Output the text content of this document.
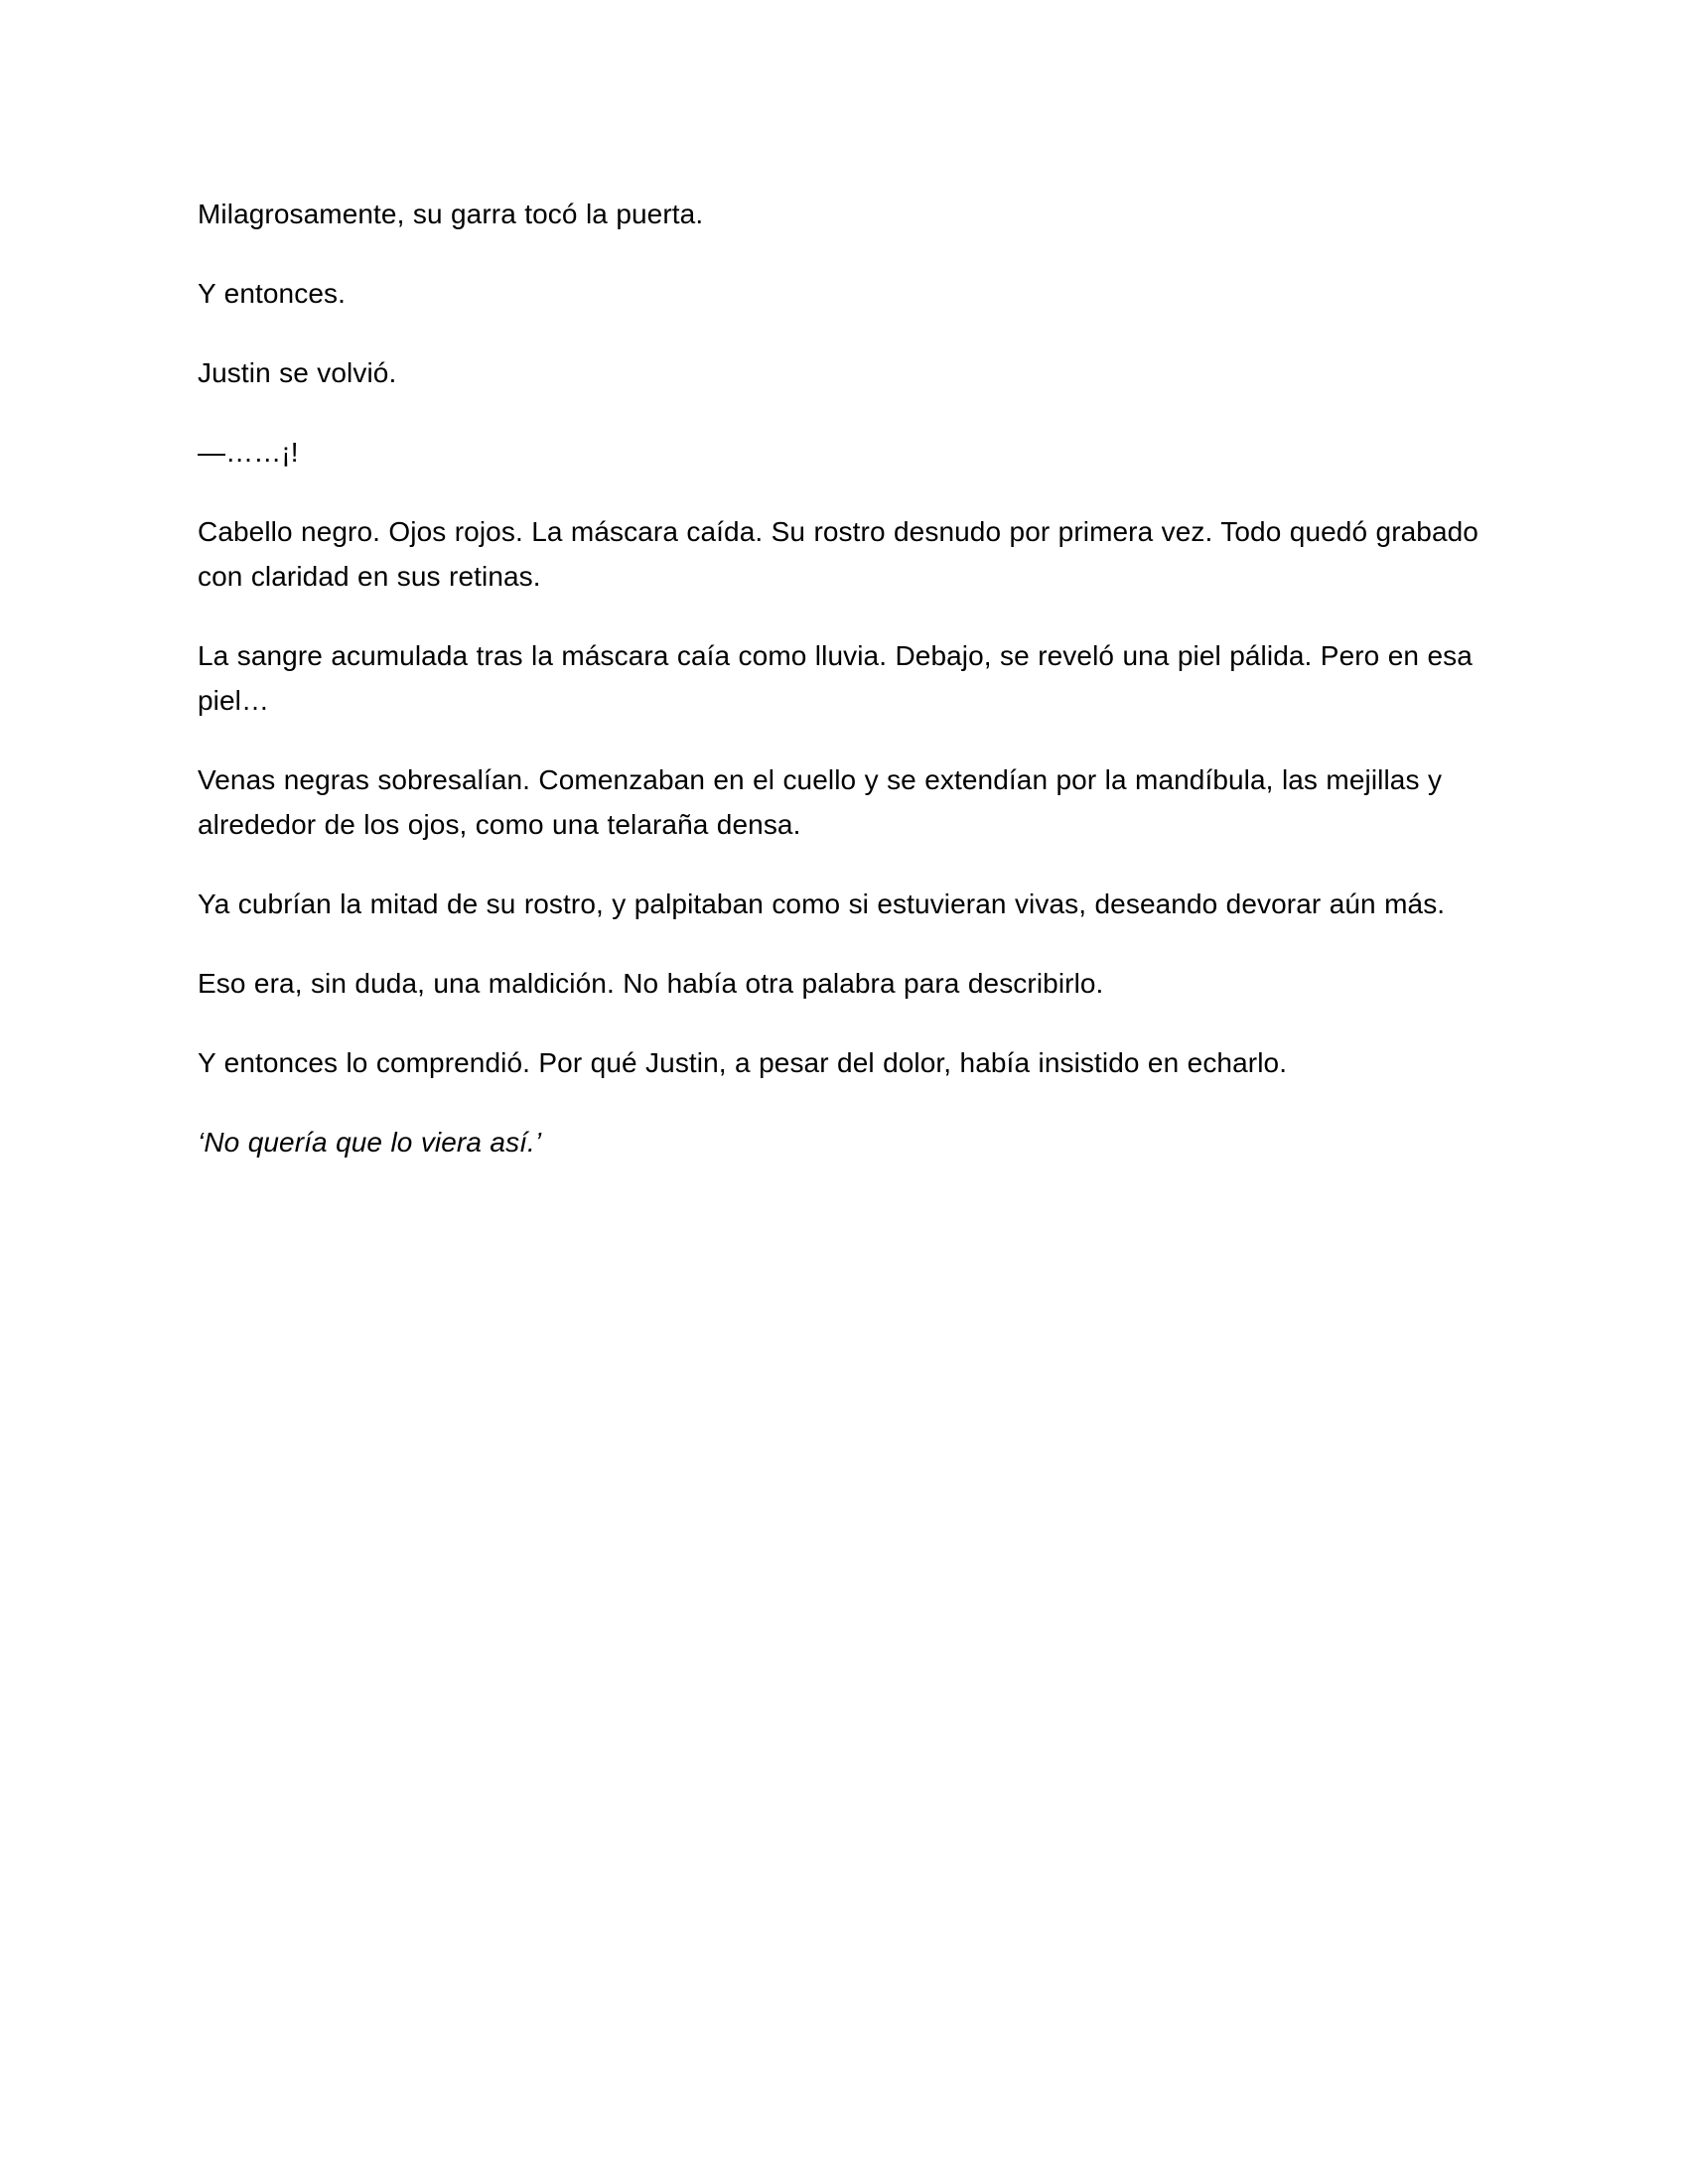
Milagrosamente, su garra tocó la puerta.

Y entonces.

Justin se volvió.

—……¡!

Cabello negro. Ojos rojos. La máscara caída. Su rostro desnudo por primera vez. Todo quedó grabado con claridad en sus retinas.

La sangre acumulada tras la máscara caía como lluvia. Debajo, se reveló una piel pálida. Pero en esa piel…

Venas negras sobresalían. Comenzaban en el cuello y se extendían por la mandíbula, las mejillas y alrededor de los ojos, como una telaraña densa.

Ya cubrían la mitad de su rostro, y palpitaban como si estuvieran vivas, deseando devorar aún más.

Eso era, sin duda, una maldición. No había otra palabra para describirlo.

Y entonces lo comprendió. Por qué Justin, a pesar del dolor, había insistido en echarlo.

‘No quería que lo viera así.’
